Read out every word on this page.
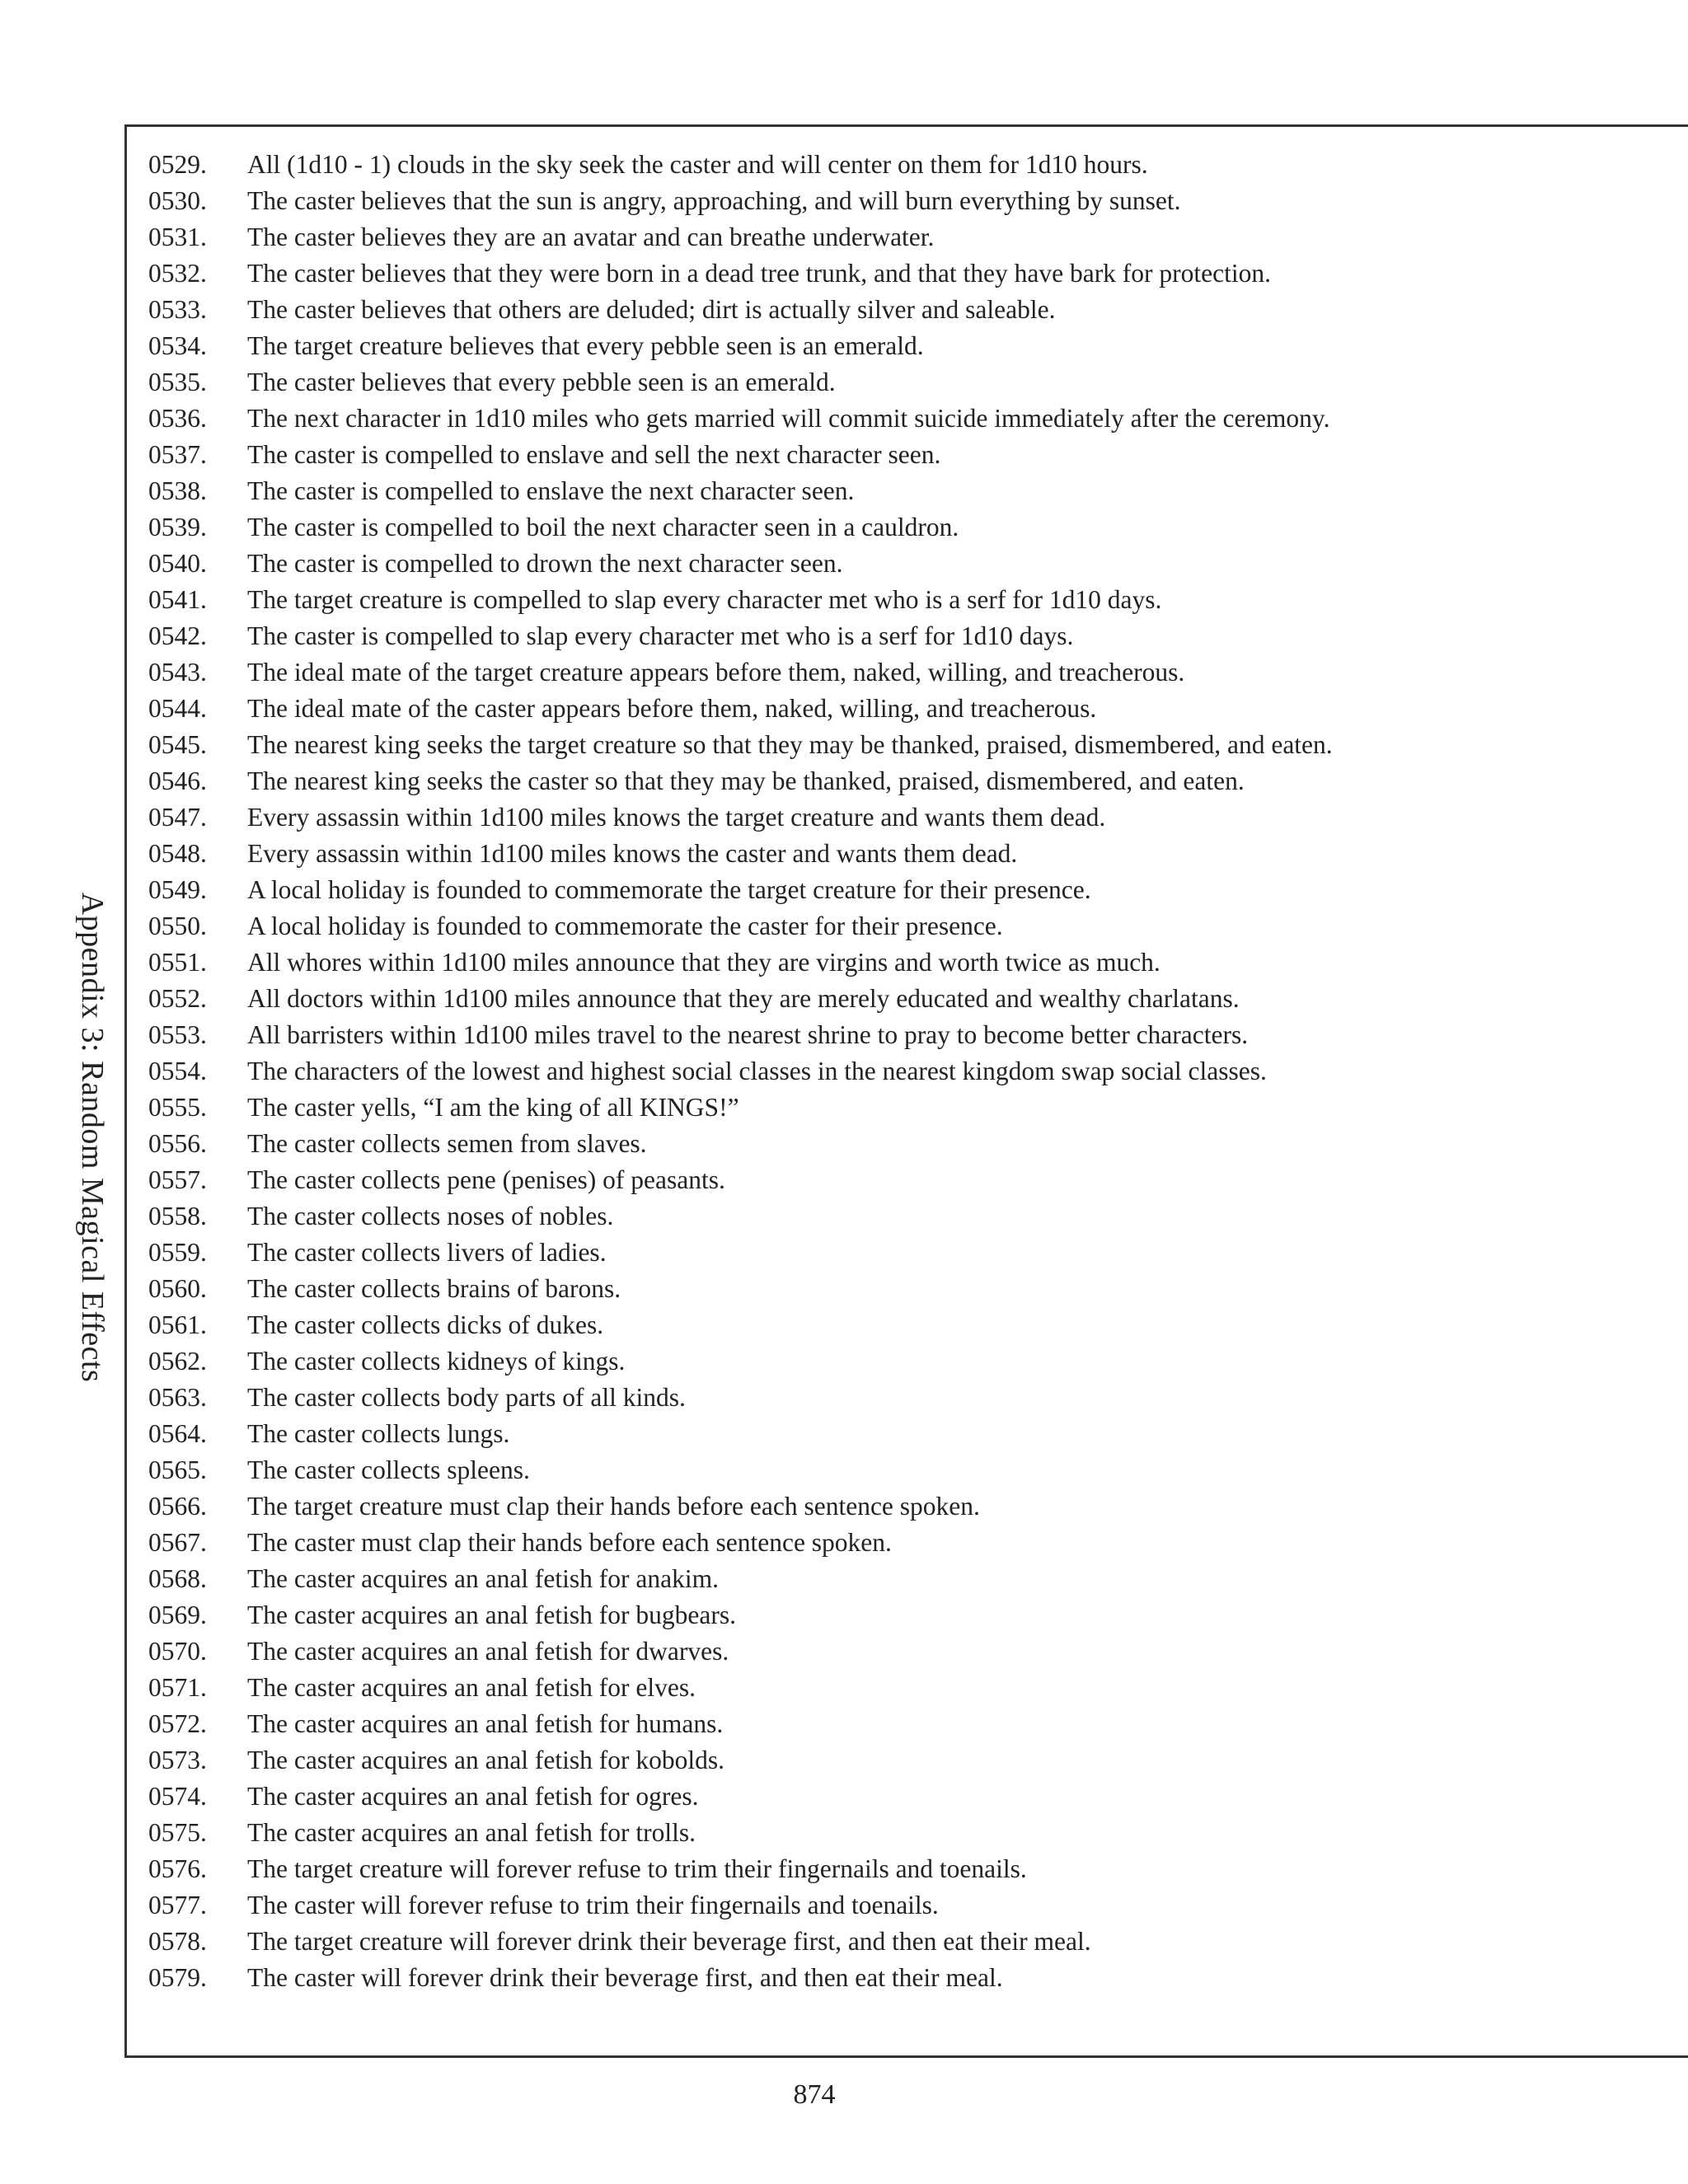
Appendix 3: Random Magical Effects
0529.	All (1d10 - 1) clouds in the sky seek the caster and will center on them for 1d10 hours.
0530.	The caster believes that the sun is angry, approaching, and will burn everything by sunset.
0531.	The caster believes they are an avatar and can breathe underwater.
0532.	The caster believes that they were born in a dead tree trunk, and that they have bark for protection.
0533.	The caster believes that others are deluded; dirt is actually silver and saleable.
0534.	The target creature believes that every pebble seen is an emerald.
0535.	The caster believes that every pebble seen is an emerald.
0536.	The next character in 1d10 miles who gets married will commit suicide immediately after the ceremony.
0537.	The caster is compelled to enslave and sell the next character seen.
0538.	The caster is compelled to enslave the next character seen.
0539.	The caster is compelled to boil the next character seen in a cauldron.
0540.	The caster is compelled to drown the next character seen.
0541.	The target creature is compelled to slap every character met who is a serf for 1d10 days.
0542.	The caster is compelled to slap every character met who is a serf for 1d10 days.
0543.	The ideal mate of the target creature appears before them, naked, willing, and treacherous.
0544.	The ideal mate of the caster appears before them, naked, willing, and treacherous.
0545.	The nearest king seeks the target creature so that they may be thanked, praised, dismembered, and eaten.
0546.	The nearest king seeks the caster so that they may be thanked, praised, dismembered, and eaten.
0547.	Every assassin within 1d100 miles knows the target creature and wants them dead.
0548.	Every assassin within 1d100 miles knows the caster and wants them dead.
0549.	A local holiday is founded to commemorate the target creature for their presence.
0550.	A local holiday is founded to commemorate the caster for their presence.
0551.	All whores within 1d100 miles announce that they are virgins and worth twice as much.
0552.	All doctors within 1d100 miles announce that they are merely educated and wealthy charlatans.
0553.	All barristers within 1d100 miles travel to the nearest shrine to pray to become better characters.
0554.	The characters of the lowest and highest social classes in the nearest kingdom swap social classes.
0555.	The caster yells, “I am the king of all KINGS!”
0556.	The caster collects semen from slaves.
0557.	The caster collects pene (penises) of peasants.
0558.	The caster collects noses of nobles.
0559.	The caster collects livers of ladies.
0560.	The caster collects brains of barons.
0561.	The caster collects dicks of dukes.
0562.	The caster collects kidneys of kings.
0563.	The caster collects body parts of all kinds.
0564.	The caster collects lungs.
0565.	The caster collects spleens.
0566.	The target creature must clap their hands before each sentence spoken.
0567.	The caster must clap their hands before each sentence spoken.
0568.	The caster acquires an anal fetish for anakim.
0569.	The caster acquires an anal fetish for bugbears.
0570.	The caster acquires an anal fetish for dwarves.
0571.	The caster acquires an anal fetish for elves.
0572.	The caster acquires an anal fetish for humans.
0573.	The caster acquires an anal fetish for kobolds.
0574.	The caster acquires an anal fetish for ogres.
0575.	The caster acquires an anal fetish for trolls.
0576.	The target creature will forever refuse to trim their fingernails and toenails.
0577.	The caster will forever refuse to trim their fingernails and toenails.
0578.	The target creature will forever drink their beverage first, and then eat their meal.
0579.	The caster will forever drink their beverage first, and then eat their meal.
874
